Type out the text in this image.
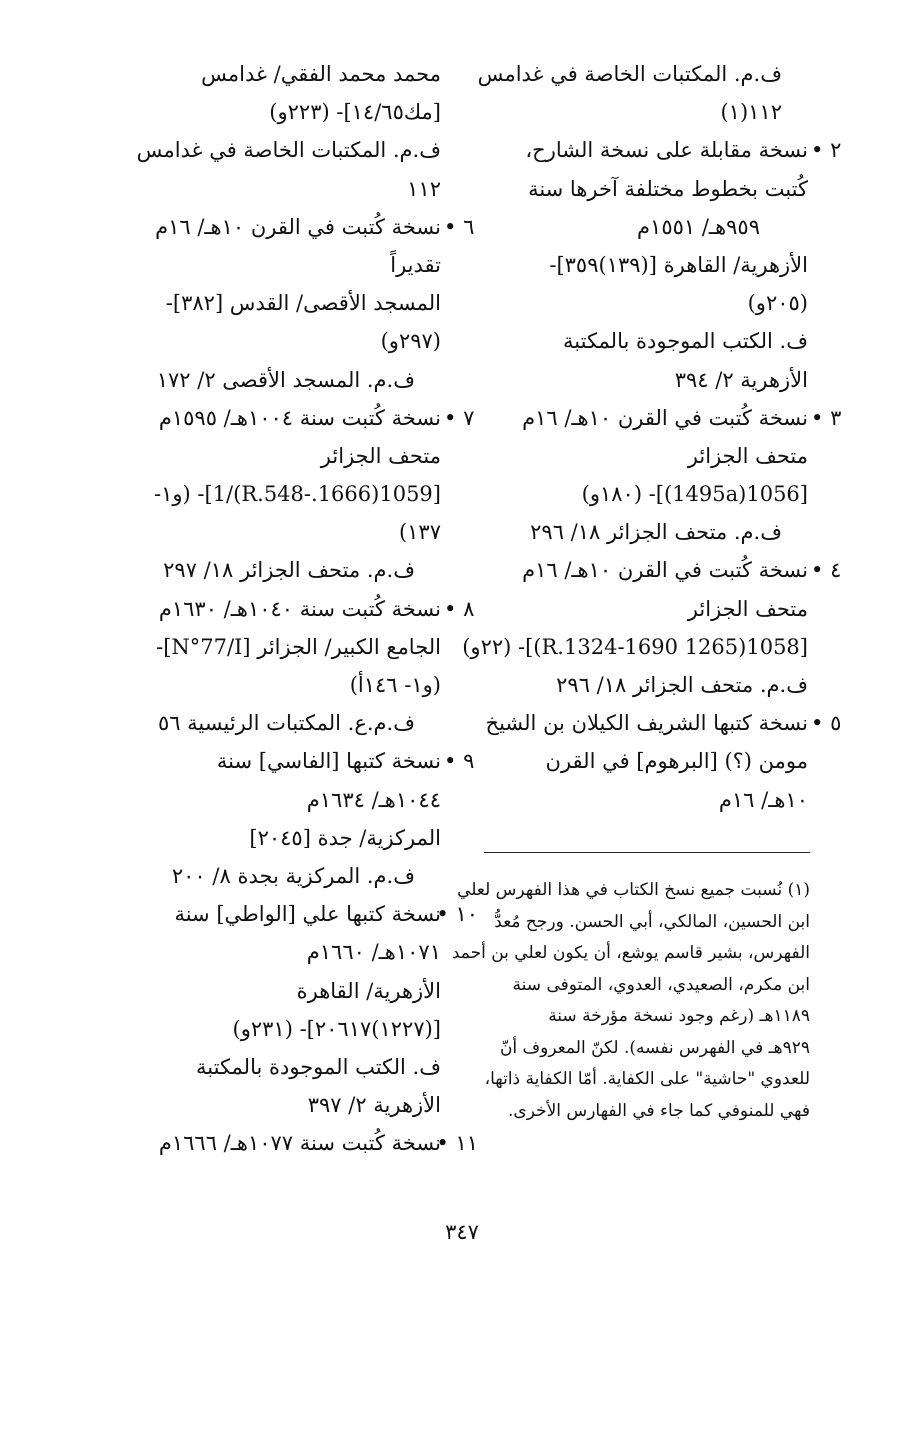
ف.م. المكتبات الخاصة في غدامس
١١٢(١)
٢ •
نسخة مقابلة على نسخة الشارح،
كُتبت بخطوط مختلفة آخرها سنة
٩٥٩هـ/ ١٥٥١م
الأزهرية/ القاهرة [(١٣٩)٣٥٩]-
(٢٠٥و)
ف. الكتب الموجودة بالمكتبة
الأزهرية ٢/ ٣٩٤
٣ •
نسخة كُتبت في القرن ١٠هـ/ ١٦م
متحف الجزائر
[1056(1495a)]- (١٨٠و)
ف.م. متحف الجزائر ١٨/ ٢٩٦
٤ •
نسخة كُتبت في القرن ١٠هـ/ ١٦م
متحف الجزائر
[1058(1265 1690-R.1324)]- (٢٢و)
ف.م. متحف الجزائر ١٨/ ٢٩٦
٥ •
نسخة كتبها الشريف الكيلان بن الشيخ
مومن (؟) [البرهوم] في القرن
١٠هـ/ ١٦م
محمد محمد الفقي/ غدامس
[مك١٤/٦٥]- (٢٢٣و)
ف.م. المكتبات الخاصة في غدامس
١١٢
٦ •
نسخة كُتبت في القرن ١٠هـ/ ١٦م
تقديراً
المسجد الأقصى/ القدس [٣٨٢]-
(٢٩٧و)
ف.م. المسجد الأقصى ٢/ ١٧٢
٧ •
نسخة كُتبت سنة ١٠٠٤هـ/ ١٥٩٥م
متحف الجزائر
[1059(1666.-R.548)/1]- (و١-
١٣٧)
ف.م. متحف الجزائر ١٨/ ٢٩٧
٨ •
نسخة كُتبت سنة ١٠٤٠هـ/ ١٦٣٠م
الجامع الكبير/ الجزائر [N°77/I]-
(و١- ١٤٦أ)
ف.م.ع. المكتبات الرئيسية ٥٦
٩ •
نسخة كتبها [الفاسي] سنة
١٠٤٤هـ/ ١٦٣٤م
المركزية/ جدة [٢٠٤٥]
ف.م. المركزية بجدة ٨/ ٢٠٠
١٠ •
نسخة كتبها علي [الواطي] سنة
١٠٧١هـ/ ١٦٦٠م
الأزهرية/ القاهرة
[(١٢٢٧)٢٠٦١٧]- (٢٣١و)
ف. الكتب الموجودة بالمكتبة
الأزهرية ٢/ ٣٩٧
١١ •
نسخة كُتبت سنة ١٠٧٧هـ/ ١٦٦٦م
(١) نُسبت جميع نسخ الكتاب في هذا الفهرس لعلي
ابن الحسين، المالكي، أبي الحسن. ورجح مُعدُّ
الفهرس، بشير قاسم يوشع، أن يكون لعلي بن أحمد
ابن مكرم، الصعيدي، العدوي، المتوفى سنة
١١٨٩هـ (رغم وجود نسخة مؤرخة سنة
٩٢٩هـ في الفهرس نفسه). لكنّ المعروف أنّ
للعدوي "حاشية" على الكفاية. أمّا الكفاية ذاتها،
فهي للمنوفي كما جاء في الفهارس الأخرى.
٣٤٧
